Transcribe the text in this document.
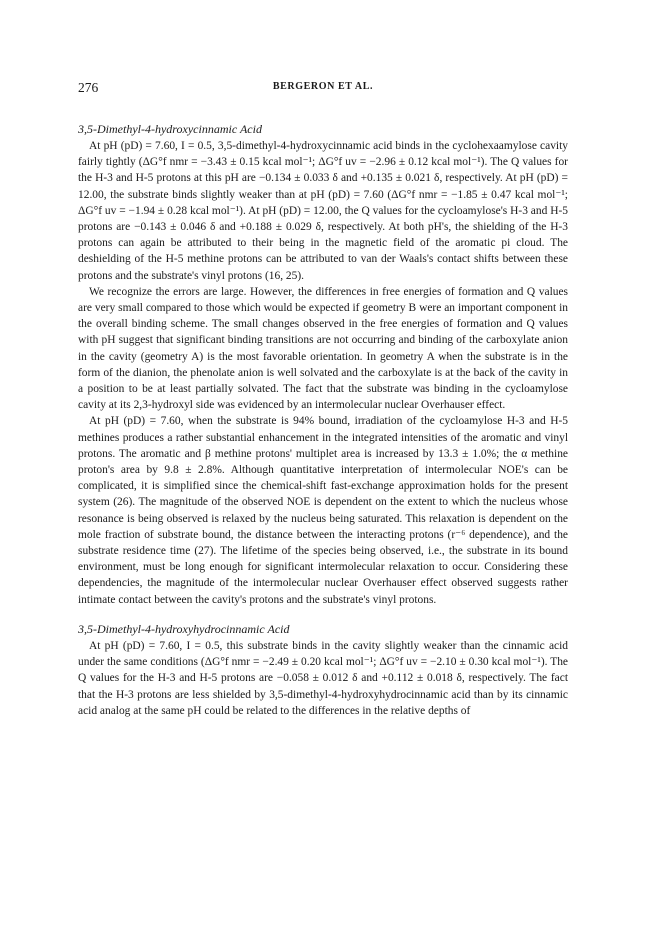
276	BERGERON ET AL.
3,5-Dimethyl-4-hydroxycinnamic Acid

At pH (pD) = 7.60, I = 0.5, 3,5-dimethyl-4-hydroxycinnamic acid binds in the cyclohexaamylose cavity fairly tightly (ΔG°f nmr = −3.43 ± 0.15 kcal mol⁻¹; ΔG°f uv = −2.96 ± 0.12 kcal mol⁻¹). The Q values for the H-3 and H-5 protons at this pH are −0.134 ± 0.033 δ and +0.135 ± 0.021 δ, respectively. At pH (pD) = 12.00, the substrate binds slightly weaker than at pH (pD) = 7.60 (ΔG°f nmr = −1.85 ± 0.47 kcal mol⁻¹; ΔG°f uv = −1.94 ± 0.28 kcal mol⁻¹). At pH (pD) = 12.00, the Q values for the cycloamylose's H-3 and H-5 protons are −0.143 ± 0.046 δ and +0.188 ± 0.029 δ, respectively. At both pH's, the shielding of the H-3 protons can again be attributed to their being in the magnetic field of the aromatic pi cloud. The deshielding of the H-5 methine protons can be attributed to van der Waals's contact shifts between these protons and the substrate's vinyl protons (16, 25).

We recognize the errors are large. However, the differences in free energies of formation and Q values are very small compared to those which would be expected if geometry B were an important component in the overall binding scheme. The small changes observed in the free energies of formation and Q values with pH suggest that significant binding transitions are not occurring and binding of the carboxylate anion in the cavity (geometry A) is the most favorable orientation. In geometry A when the substrate is in the form of the dianion, the phenolate anion is well solvated and the carboxylate is at the back of the cavity in a position to be at least partially solvated. The fact that the substrate was binding in the cycloamylose cavity at its 2,3-hydroxyl side was evidenced by an intermolecular nuclear Overhauser effect.

At pH (pD) = 7.60, when the substrate is 94% bound, irradiation of the cycloamylose H-3 and H-5 methines produces a rather substantial enhancement in the integrated intensities of the aromatic and vinyl protons. The aromatic and β methine protons' multiplet area is increased by 13.3 ± 1.0%; the α methine proton's area by 9.8 ± 2.8%. Although quantitative interpretation of intermolecular NOE's can be complicated, it is simplified since the chemical-shift fast-exchange approximation holds for the present system (26). The magnitude of the observed NOE is dependent on the extent to which the nucleus whose resonance is being observed is relaxed by the nucleus being saturated. This relaxation is dependent on the mole fraction of substrate bound, the distance between the interacting protons (r⁻⁶ dependence), and the substrate residence time (27). The lifetime of the species being observed, i.e., the substrate in its bound environment, must be long enough for significant intermolecular relaxation to occur. Considering these dependencies, the magnitude of the intermolecular nuclear Overhauser effect observed suggests rather intimate contact between the cavity's protons and the substrate's vinyl protons.

3,5-Dimethyl-4-hydroxyhydrocinnamic Acid

At pH (pD) = 7.60, I = 0.5, this substrate binds in the cavity slightly weaker than the cinnamic acid under the same conditions (ΔG°f nmr = −2.49 ± 0.20 kcal mol⁻¹; ΔG°f uv = −2.10 ± 0.30 kcal mol⁻¹). The Q values for the H-3 and H-5 protons are −0.058 ± 0.012 δ and +0.112 ± 0.018 δ, respectively. The fact that the H-3 protons are less shielded by 3,5-dimethyl-4-hydroxyhydrocinnamic acid than by its cinnamic acid analog at the same pH could be related to the differences in the relative depths of
